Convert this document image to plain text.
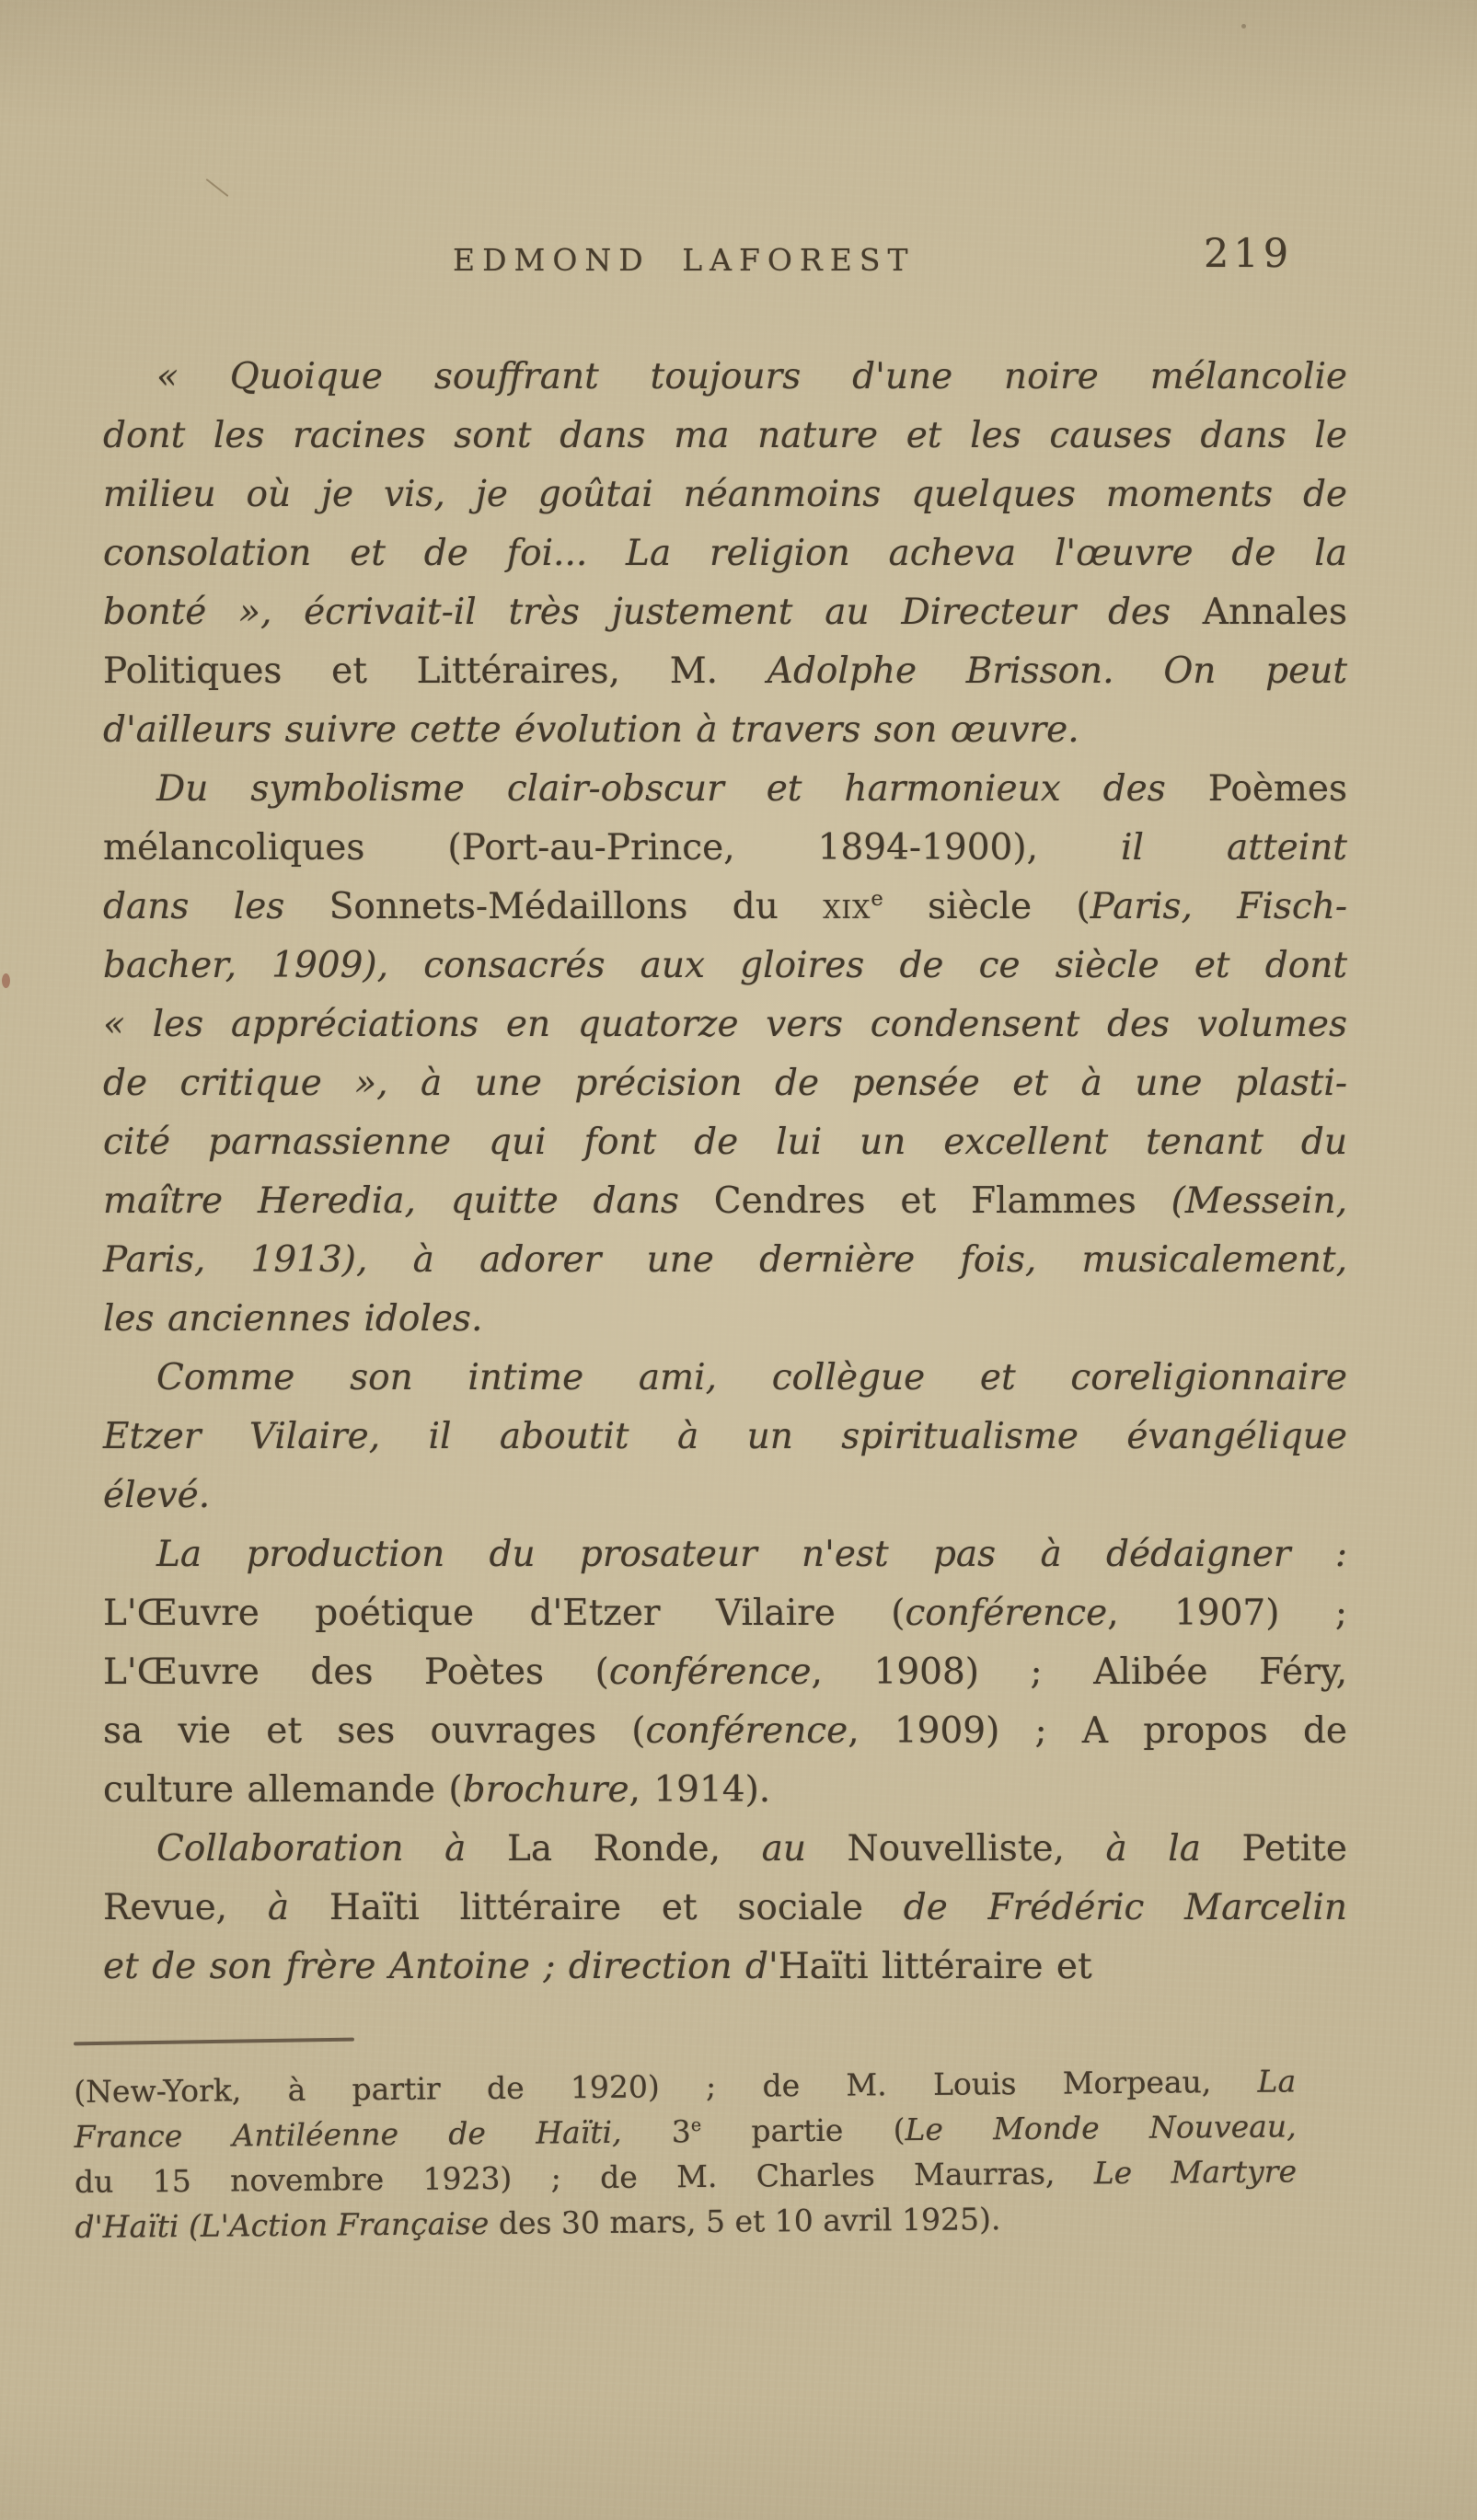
EDMOND LAFOREST	219
« Quoique souffrant toujours d'une noire mélancolie
dont les racines sont dans ma nature et les causes dans le
milieu où je vis, je goûtai néanmoins quelques moments de
consolation et de foi... La religion acheva l'œuvre de la
bonté », écrivait-il très justement au Directeur des Annales
Politiques et Littéraires, M. Adolphe Brisson. On peut
d'ailleurs suivre cette évolution à travers son œuvre.
Du symbolisme clair-obscur et harmonieux des Poèmes
mélancoliques (Port-au-Prince, 1894-1900), il atteint
dans les Sonnets-Médaillons du xix$^e$ siècle (Paris, Fisch-
bacher, 1909), consacrés aux gloires de ce siècle et dont
« les appréciations en quatorze vers condensent des volumes
de critique », à une précision de pensée et à une plasti-
cité parnassienne qui font de lui un excellent tenant du
maître Heredia, quitte dans Cendres et Flammes (Messein,
Paris, 1913), à adorer une dernière fois, musicalement,
les anciennes idoles.
Comme son intime ami, collègue et coreligionnaire
Etzer Vilaire, il aboutit à un spiritualisme évangélique
élevé.
La production du prosateur n'est pas à dédaigner :
L'Œuvre poétique d'Etzer Vilaire (conférence, 1907) ;
L'Œuvre des Poètes (conférence, 1908) ; Alibée Féry,
sa vie et ses ouvrages (conférence, 1909) ; A propos de
culture allemande (brochure, 1914).
Collaboration à La Ronde, au Nouvelliste, à la Petite
Revue, à Haïti littéraire et sociale de Frédéric Marcelin
et de son frère Antoine ; direction d'Haïti littéraire et
(New-York, à partir de 1920) ; de M. Louis Morpeau, La
France Antiléenne de Haïti, 3e partie (Le Monde Nouveau,
du 15 novembre 1923) ; de M. Charles Maurras, Le Martyre
d'Haïti (L'Action Française des 30 mars, 5 et 10 avril 1925).
